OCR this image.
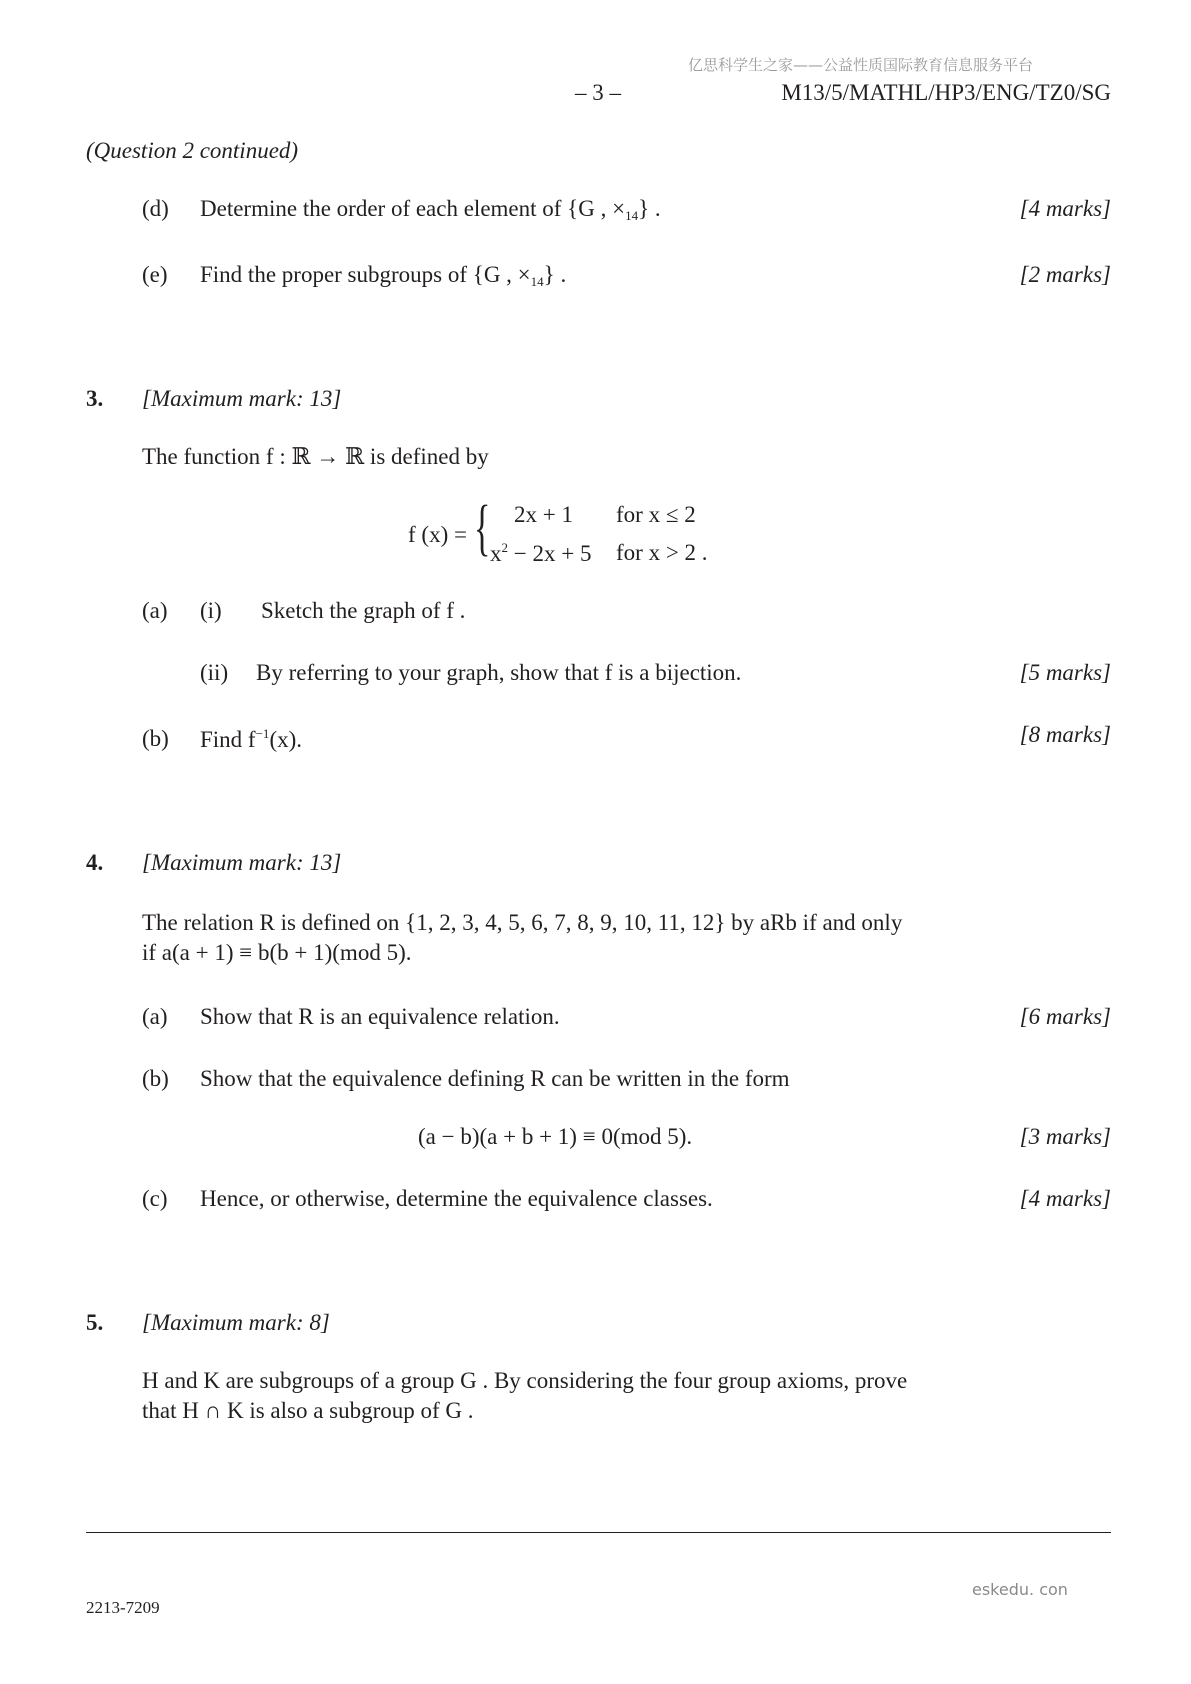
亿思科学生之家——公益性质国际教育信息服务平台
– 3 –	M13/5/MATHL/HP3/ENG/TZ0/SG
(Question 2 continued)
(d) Determine the order of each element of {G , $\times_{14}$} .	[4 marks]
(e) Find the proper subgroups of {G , $\times_{14}$} .	[2 marks]
3. [Maximum mark: 13]
The function f : ℝ → ℝ is defined by
f (x) = { 2x + 1 for x ≤ 2
$x^2 - 2x + 5$ for x > 2 .
(a) (i) Sketch the graph of f .
(ii) By referring to your graph, show that f is a bijection.	[5 marks]
(b) Find $f^{-1}(x)$.	[8 marks]
4. [Maximum mark: 13]
The relation R is defined on {1, 2, 3, 4, 5, 6, 7, 8, 9, 10, 11, 12} by aRb if and only
if a(a + 1) ≡ b(b + 1)(mod 5).
(a) Show that R is an equivalence relation.	[6 marks]
(b) Show that the equivalence defining R can be written in the form
(a − b)(a + b + 1) ≡ 0(mod 5).	[3 marks]
(c) Hence, or otherwise, determine the equivalence classes.	[4 marks]
5. [Maximum mark: 8]
H and K are subgroups of a group G . By considering the four group axioms, prove
that H ∩ K is also a subgroup of G .
eskedu. con
2213-7209
